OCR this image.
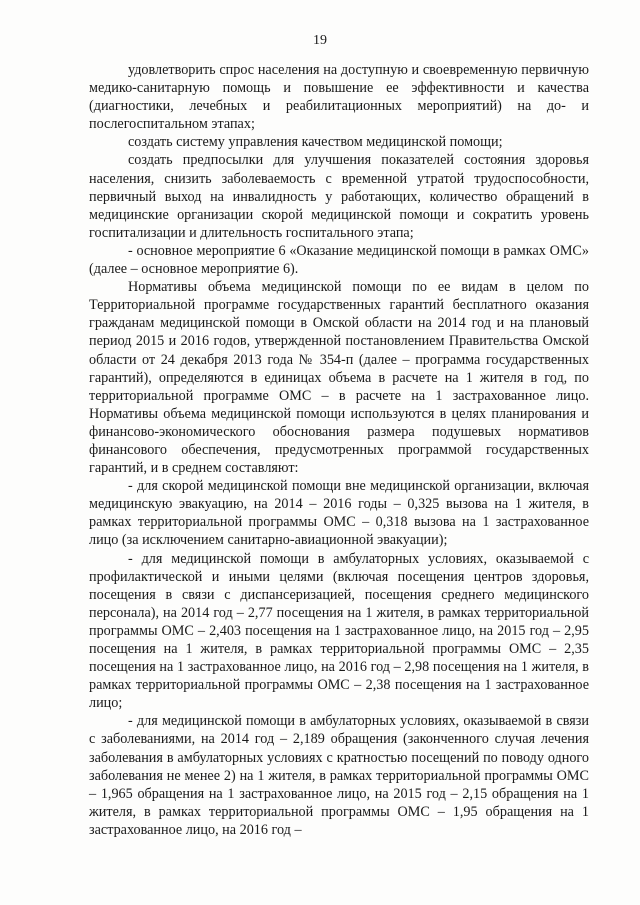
19

удовлетворить спрос населения на доступную и своевременную первичную медико-санитарную помощь и повышение ее эффективности и качества (диагностики, лечебных и реабилитационных мероприятий) на до- и послегоспитальном этапах;

создать систему управления качеством медицинской помощи;

создать предпосылки для улучшения показателей состояния здоровья населения, снизить заболеваемость с временной утратой трудоспособности, первичный выход на инвалидность у работающих, количество обращений в медицинские организации скорой медицинской помощи и сократить уровень госпитализации и длительность госпитального этапа;

- основное мероприятие 6 «Оказание медицинской помощи в рамках ОМС» (далее – основное мероприятие 6).

Нормативы объема медицинской помощи по ее видам в целом по Территориальной программе государственных гарантий бесплатного оказания гражданам медицинской помощи в Омской области на 2014 год и на плановый период 2015 и 2016 годов, утвержденной постановлением Правительства Омской области от 24 декабря 2013 года № 354-п (далее – программа государственных гарантий), определяются в единицах объема в расчете на 1 жителя в год, по территориальной программе ОМС – в расчете на 1 застрахованное лицо. Нормативы объема медицинской помощи используются в целях планирования и финансово-экономического обоснования размера подушевых нормативов финансового обеспечения, предусмотренных программой государственных гарантий, и в среднем составляют:

- для скорой медицинской помощи вне медицинской организации, включая медицинскую эвакуацию, на 2014 – 2016 годы – 0,325 вызова на 1 жителя, в рамках территориальной программы ОМС – 0,318 вызова на 1 застрахованное лицо (за исключением санитарно-авиационной эвакуации);

- для медицинской помощи в амбулаторных условиях, оказываемой с профилактической и иными целями (включая посещения центров здоровья, посещения в связи с диспансеризацией, посещения среднего медицинского персонала), на 2014 год – 2,77 посещения на 1 жителя, в рамках территориальной программы ОМС – 2,403 посещения на 1 застрахованное лицо, на 2015 год – 2,95 посещения на 1 жителя, в рамках территориальной программы ОМС – 2,35 посещения на 1 застрахованное лицо, на 2016 год – 2,98 посещения на 1 жителя, в рамках территориальной программы ОМС – 2,38 посещения на 1 застрахованное лицо;

- для медицинской помощи в амбулаторных условиях, оказываемой в связи с заболеваниями, на 2014 год – 2,189 обращения (законченного случая лечения заболевания в амбулаторных условиях с кратностью посещений по поводу одного заболевания не менее 2) на 1 жителя, в рамках территориальной программы ОМС – 1,965 обращения на 1 застрахованное лицо, на 2015 год – 2,15 обращения на 1 жителя, в рамках территориальной программы ОМС – 1,95 обращения на 1 застрахованное лицо, на 2016 год –
